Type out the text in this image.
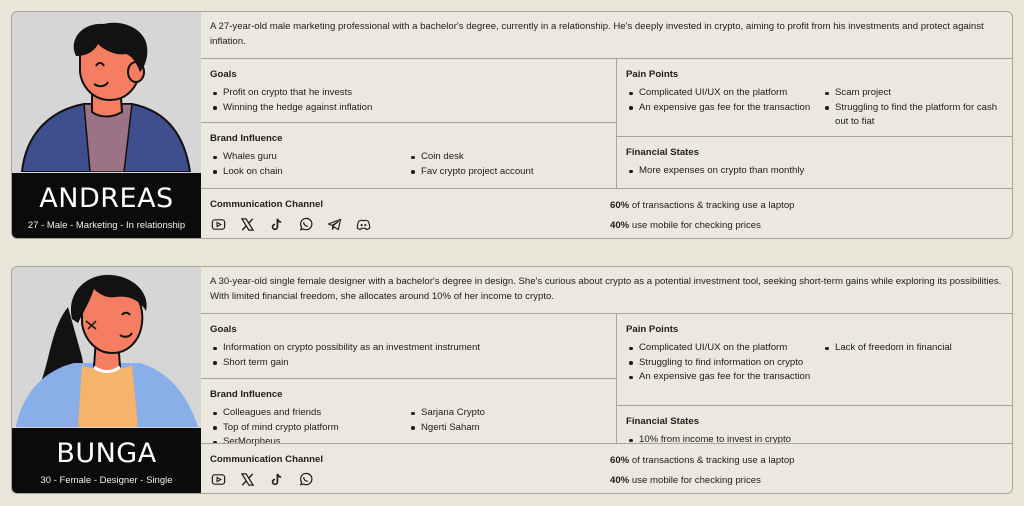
ANDREAS
27 - Male - Marketing - In relationship
A 27-year-old male marketing professional with a bachelor's degree, currently in a relationship. He's deeply invested in crypto, aiming to profit from his investments and protect against inflation.
Goals
Profit on crypto that he invests
Winning the hedge against inflation
Brand Influence
Whales guru
Look on chain
Coin desk
Fav crypto project account
Pain Points
Complicated UI/UX on the platform
An expensive gas fee for the transaction
Scam project
Struggling to find the platform for cash out to fiat
Financial States
More expenses on crypto than monthly
Communication Channel	60% of transactions & tracking use a laptop

40% use mobile for checking prices

BUNGA
30 - Female - Designer - Single
A 30-year-old single female designer with a bachelor's degree in design. She's curious about crypto as a potential investment tool, seeking short-term gains while exploring its possibilities. With limited financial freedom, she allocates around 10% of her income to crypto.
Goals
Information on crypto possibility as an investment instrument
Short term gain
Brand Influence
Colleagues and friends
Top of mind crypto platform
SerMorpheus
Sarjana Crypto
Ngerti Saham
Pain Points
Complicated UI/UX on the platform
Struggling to find information on crypto
An expensive gas fee for the transaction
Lack of freedom in financial
Financial States
10% from income to invest in crypto
Communication Channel	60% of transactions & tracking use a laptop

40% use mobile for checking prices
